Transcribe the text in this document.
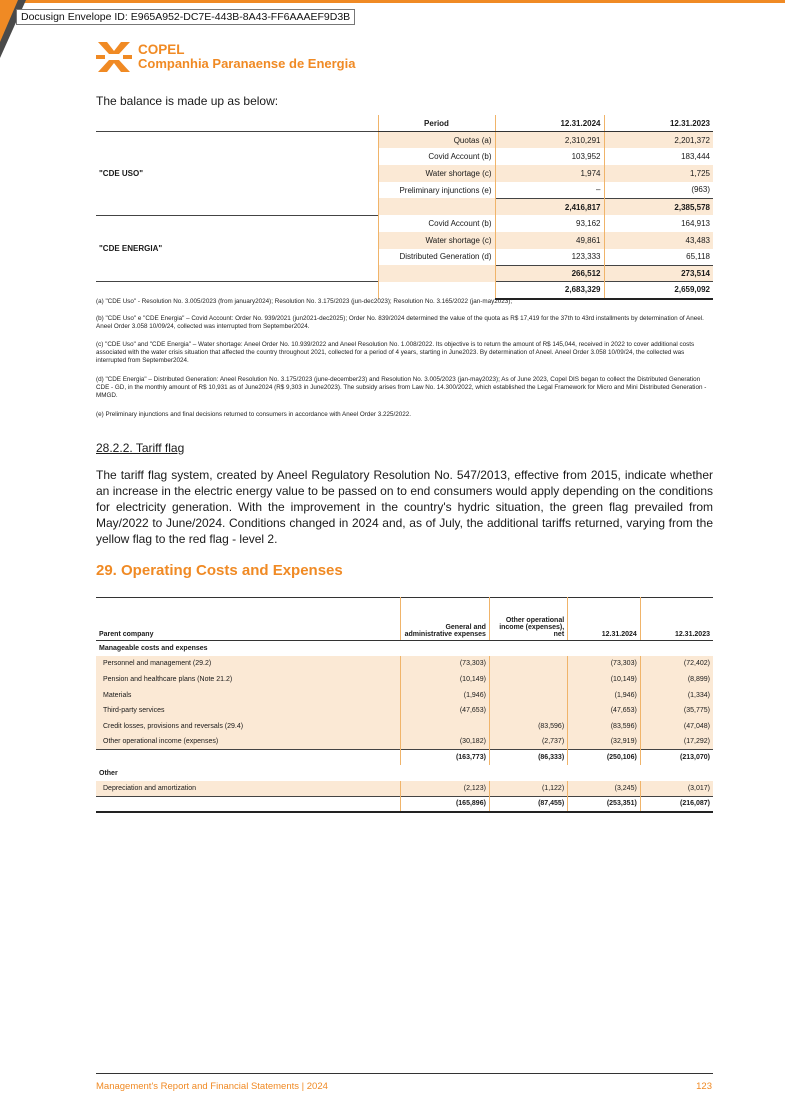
Docusign Envelope ID: E965A952-DC7E-443B-8A43-FF6AAAEF9D3B
COPEL
Companhia Paranaense de Energia
The balance is made up as below:
	Period	12.31.2024	12.31.2023
"CDE USO"	Quotas (a)	2,310,291	2,201,372
	Covid Account (b)	103,952	183,444
	Water shortage (c)	1,974	1,725
	Preliminary injunctions (e)	–	(963)
		2,416,817	2,385,578
"CDE ENERGIA"	Covid Account (b)	93,162	164,913
	Water shortage (c)	49,861	43,483
	Distributed Generation (d)	123,333	65,118
		266,512	273,514
		2,683,329	2,659,092
(a) "CDE Uso" - Resolution No. 3.005/2023 (from january2024); Resolution No. 3.175/2023 (jun-dec2023); Resolution No. 3.165/2022 (jan-may2023);
(b) "CDE Uso" e "CDE Energia" – Covid Account: Order No. 939/2021 (jun2021-dec2025); Order No. 839/2024 determined the value of the quota as R$ 17,419 for the 37th to 43rd installments by determination of Aneel. Aneel Order 3.058 10/09/24, collected was interrupted from September2024.
(c) "CDE Uso" and "CDE Energia" – Water shortage: Aneel Order No. 10.939/2022 and Aneel Resolution No. 1.008/2022. Its objective is to return the amount of R$ 145,044, received in 2022 to cover additional costs associated with the water crisis situation that affected the country throughout 2021, collected for a period of 4 years, starting in June2023. By determination of Aneel. Aneel Order 3.058 10/09/24, the collected was interrupted from September2024.
(d) "CDE Energia" – Distributed Generation: Aneel Resolution No. 3.175/2023 (june-december23) and Resolution No. 3.005/2023 (jan-may2023); As of June 2023, Copel DIS began to collect the Distributed Generation CDE - GD, in the monthly amount of R$ 10,931 as of June2024 (R$ 9,303 in June2023). The subsidy arises from Law No. 14.300/2022, which established the Legal Framework for Micro and Mini Distributed Generation - MMGD.
(e) Preliminary injunctions and final decisions returned to consumers in accordance with Aneel Order 3.225/2022.
28.2.2. Tariff flag
The tariff flag system, created by Aneel Regulatory Resolution No. 547/2013, effective from 2015, indicate whether an increase in the electric energy value to be passed on to end consumers would apply depending on the conditions for electricity generation. With the improvement in the country's hydric situation, the green flag prevailed from May/2022 to June/2024. Conditions changed in 2024 and, as of July, the additional tariffs returned, varying from the yellow flag to the red flag - level 2.
29. Operating Costs and Expenses
Parent company	General and administrative expenses	Other operational income (expenses), net	12.31.2024	12.31.2023
Manageable costs and expenses				
Personnel and management (29.2)	(73,303)		(73,303)	(72,402)
Pension and healthcare plans (Note 21.2)	(10,149)		(10,149)	(8,899)
Materials	(1,946)		(1,946)	(1,334)
Third-party services	(47,653)		(47,653)	(35,775)
Credit losses, provisions and reversals (29.4)		(83,596)	(83,596)	(47,048)
Other operational income (expenses)	(30,182)	(2,737)	(32,919)	(17,292)
	(163,773)	(86,333)	(250,106)	(213,070)
Other				
Depreciation and amortization	(2,123)	(1,122)	(3,245)	(3,017)
	(165,896)	(87,455)	(253,351)	(216,087)
Management's Report and Financial Statements | 2024	123
